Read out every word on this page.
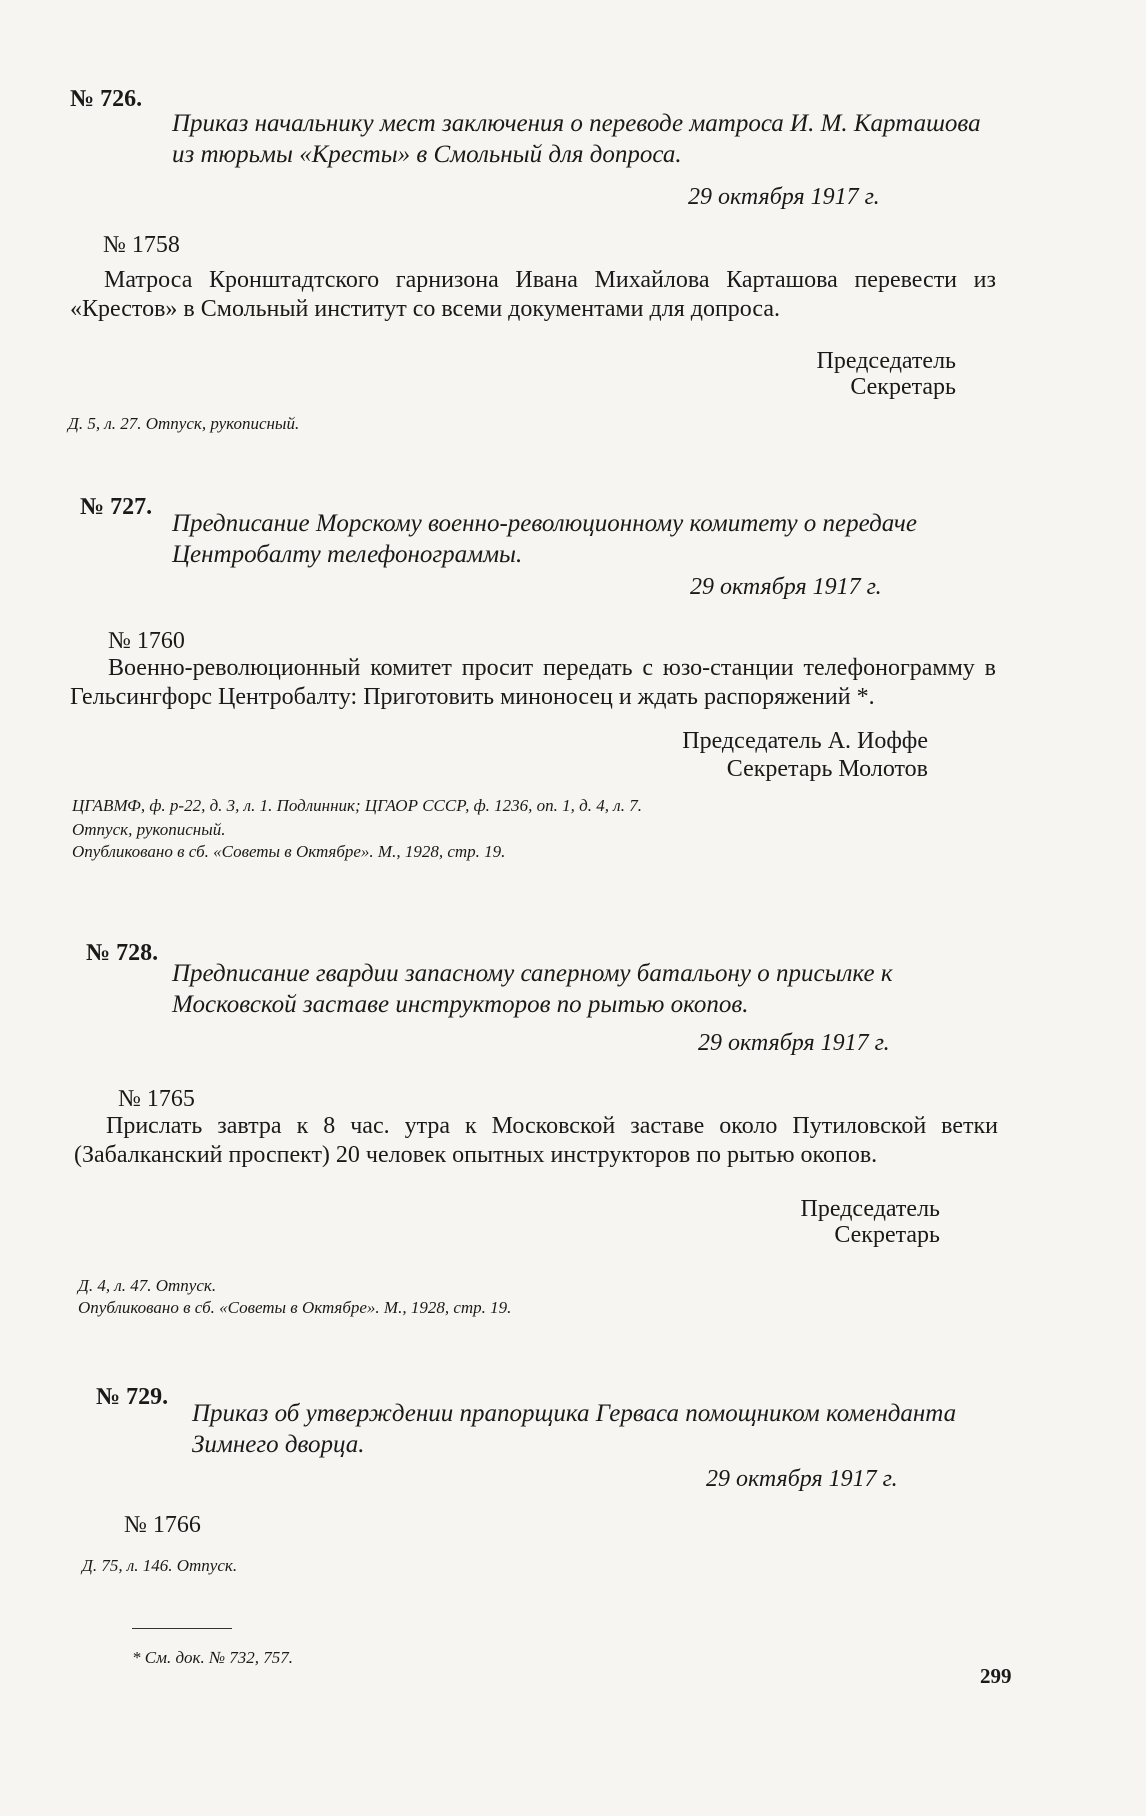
№ 726.
Приказ начальнику мест заключения о переводе матроса И. М. Карташова из тюрьмы «Кресты» в Смольный для допроса.
29 октября 1917 г.
№ 1758
Матроса Кронштадтского гарнизона Ивана Михайлова Карташова перевести из «Крестов» в Смольный институт со всеми документами для допроса.
Председатель
Секретарь
Д. 5, л. 27. Отпуск, рукописный.
№ 727.
Предписание Морскому военно-революционному комитету о передаче Центробалту телефонограммы.
29 октября 1917 г.
№ 1760
Военно-революционный комитет просит передать с юзо-станции телефонограмму в Гельсингфорс Центробалту: Приготовить миноносец и ждать распоряжений *.
Председатель А. Иоффе
Секретарь Молотов
ЦГАВМФ, ф. р-22, д. 3, л. 1. Подлинник; ЦГАОР СССР, ф. 1236, оп. 1, д. 4, л. 7.
Отпуск, рукописный.
Опубликовано в сб. «Советы в Октябре». М., 1928, стр. 19.
№ 728.
Предписание гвардии запасному саперному батальону о присылке к Московской заставе инструкторов по рытью окопов.
29 октября 1917 г.
№ 1765
Прислать завтра к 8 час. утра к Московской заставе около Путиловской ветки (Забалканский проспект) 20 человек опытных инструкторов по рытью окопов.
Председатель
Секретарь
Д. 4, л. 47. Отпуск.
Опубликовано в сб. «Советы в Октябре». М., 1928, стр. 19.
№ 729.
Приказ об утверждении прапорщика Герваса помощником коменданта Зимнего дворца.
29 октября 1917 г.
№ 1766
Д. 75, л. 146. Отпуск.
* См. док. № 732, 757.
299
